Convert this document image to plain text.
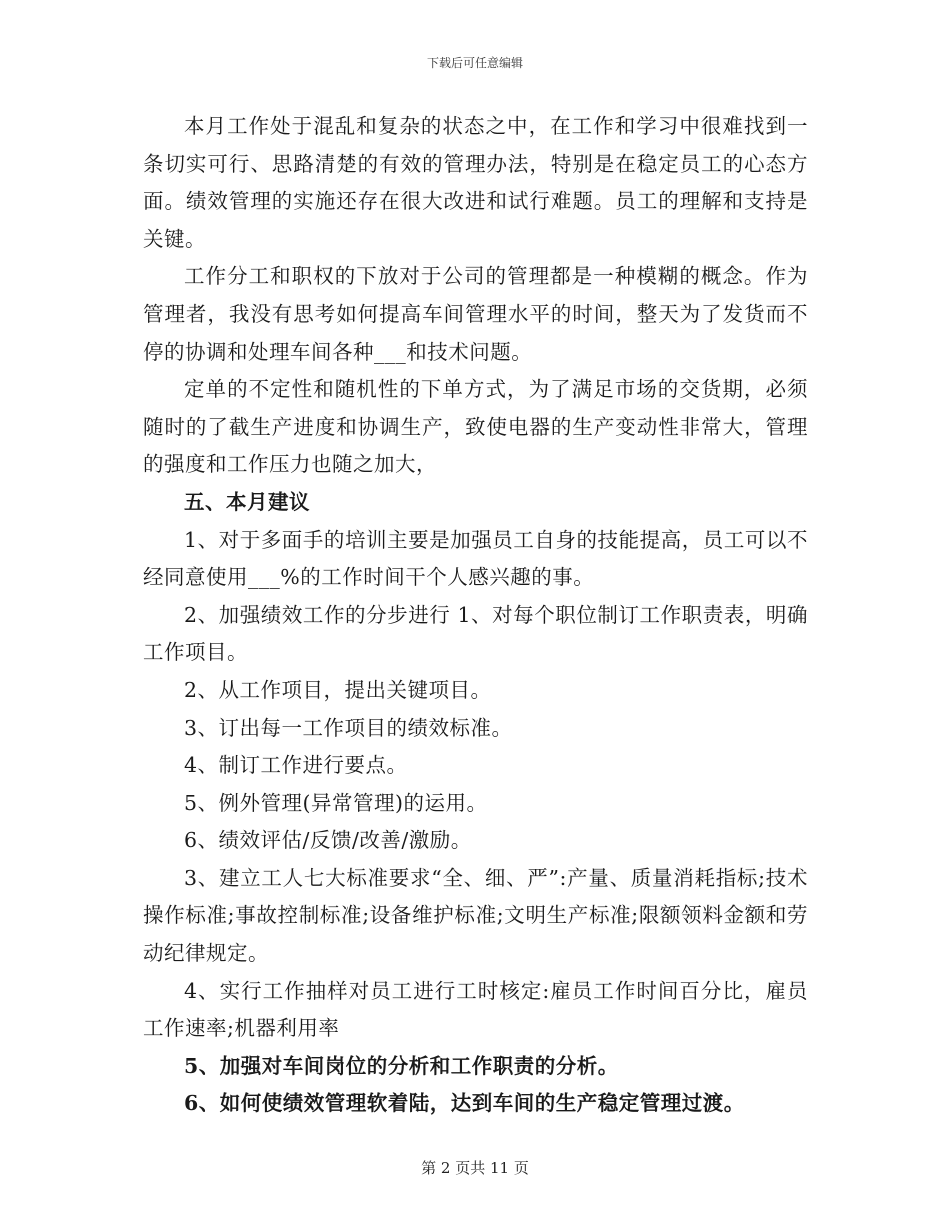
下载后可任意编辑

本月工作处于混乱和复杂的状态之中，在工作和学习中很难找到一条切实可行、思路清楚的有效的管理办法，特别是在稳定员工的心态方面。绩效管理的实施还存在很大改进和试行难题。员工的理解和支持是关键。

工作分工和职权的下放对于公司的管理都是一种模糊的概念。作为管理者，我没有思考如何提高车间管理水平的时间，整天为了发货而不停的协调和处理车间各种___和技术问题。

定单的不定性和随机性的下单方式，为了满足市场的交货期，必须随时的了截生产进度和协调生产，致使电器的生产变动性非常大，管理的强度和工作压力也随之加大，

五、本月建议

1、对于多面手的培训主要是加强员工自身的技能提高，员工可以不经同意使用___%的工作时间干个人感兴趣的事。

2、加强绩效工作的分步进行 1、对每个职位制订工作职责表，明确工作项目。

2、从工作项目，提出关键项目。

3、订出每一工作项目的绩效标准。

4、制订工作进行要点。

5、例外管理(异常管理)的运用。

6、绩效评估/反馈/改善/激励。

3、建立工人七大标准要求“全、细、严”:产量、质量消耗指标;技术操作标准;事故控制标准;设备维护标准;文明生产标准;限额领料金额和劳动纪律规定。

4、实行工作抽样对员工进行工时核定:雇员工作时间百分比，雇员工作速率;机器利用率

5、加强对车间岗位的分析和工作职责的分析。

6、如何使绩效管理软着陆，达到车间的生产稳定管理过渡。

第 2 页共 11 页
